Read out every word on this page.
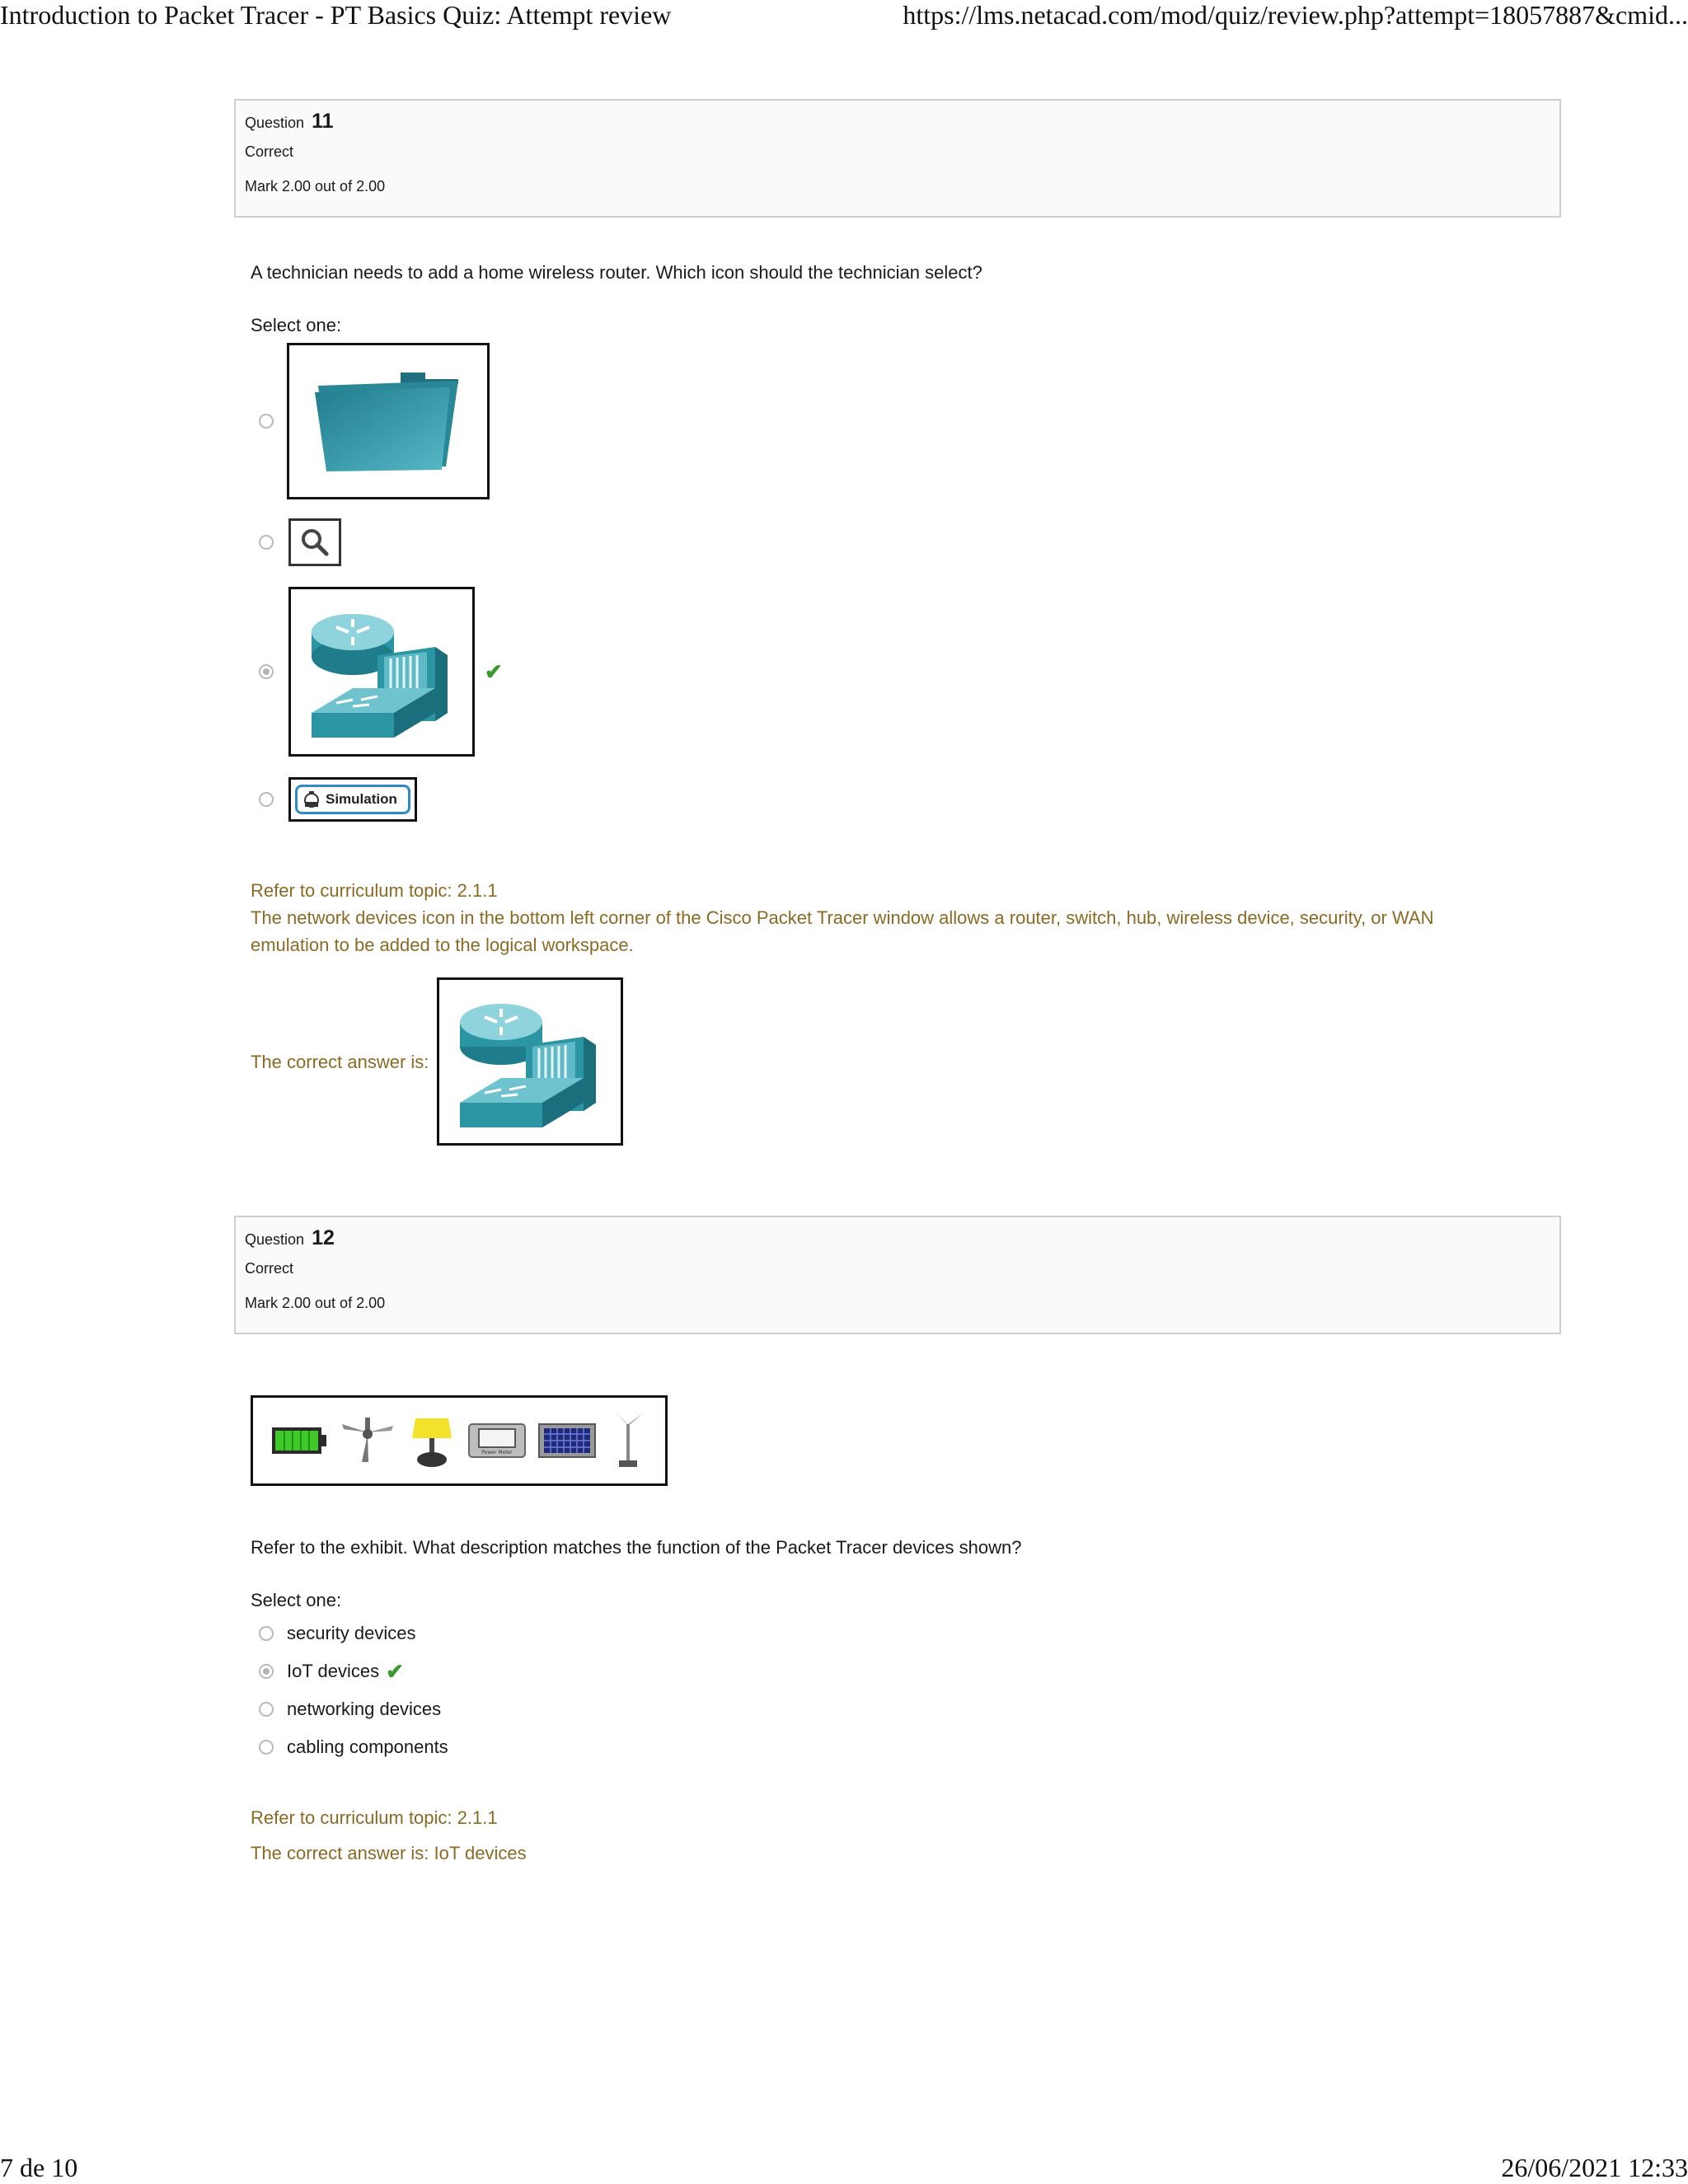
Introduction to Packet Tracer - PT Basics Quiz: Attempt review	https://lms.netacad.com/mod/quiz/review.php?attempt=18057887&cmid...
Question 11
Correct
Mark 2.00 out of 2.00
A technician needs to add a home wireless router. Which icon should the technician select?
Select one:
✔
Simulation
Refer to curriculum topic: 2.1.1
The network devices icon in the bottom left corner of the Cisco Packet Tracer window allows a router, switch, hub, wireless device, security, or WAN emulation to be added to the logical workspace.
The correct answer is:
Question 12
Correct
Mark 2.00 out of 2.00
Power Meter
Refer to the exhibit. What description matches the function of the Packet Tracer devices shown?
Select one:
security devices
IoT devices ✔
networking devices
cabling components
Refer to curriculum topic: 2.1.1
The correct answer is: IoT devices
7 de 10	26/06/2021 12:33
